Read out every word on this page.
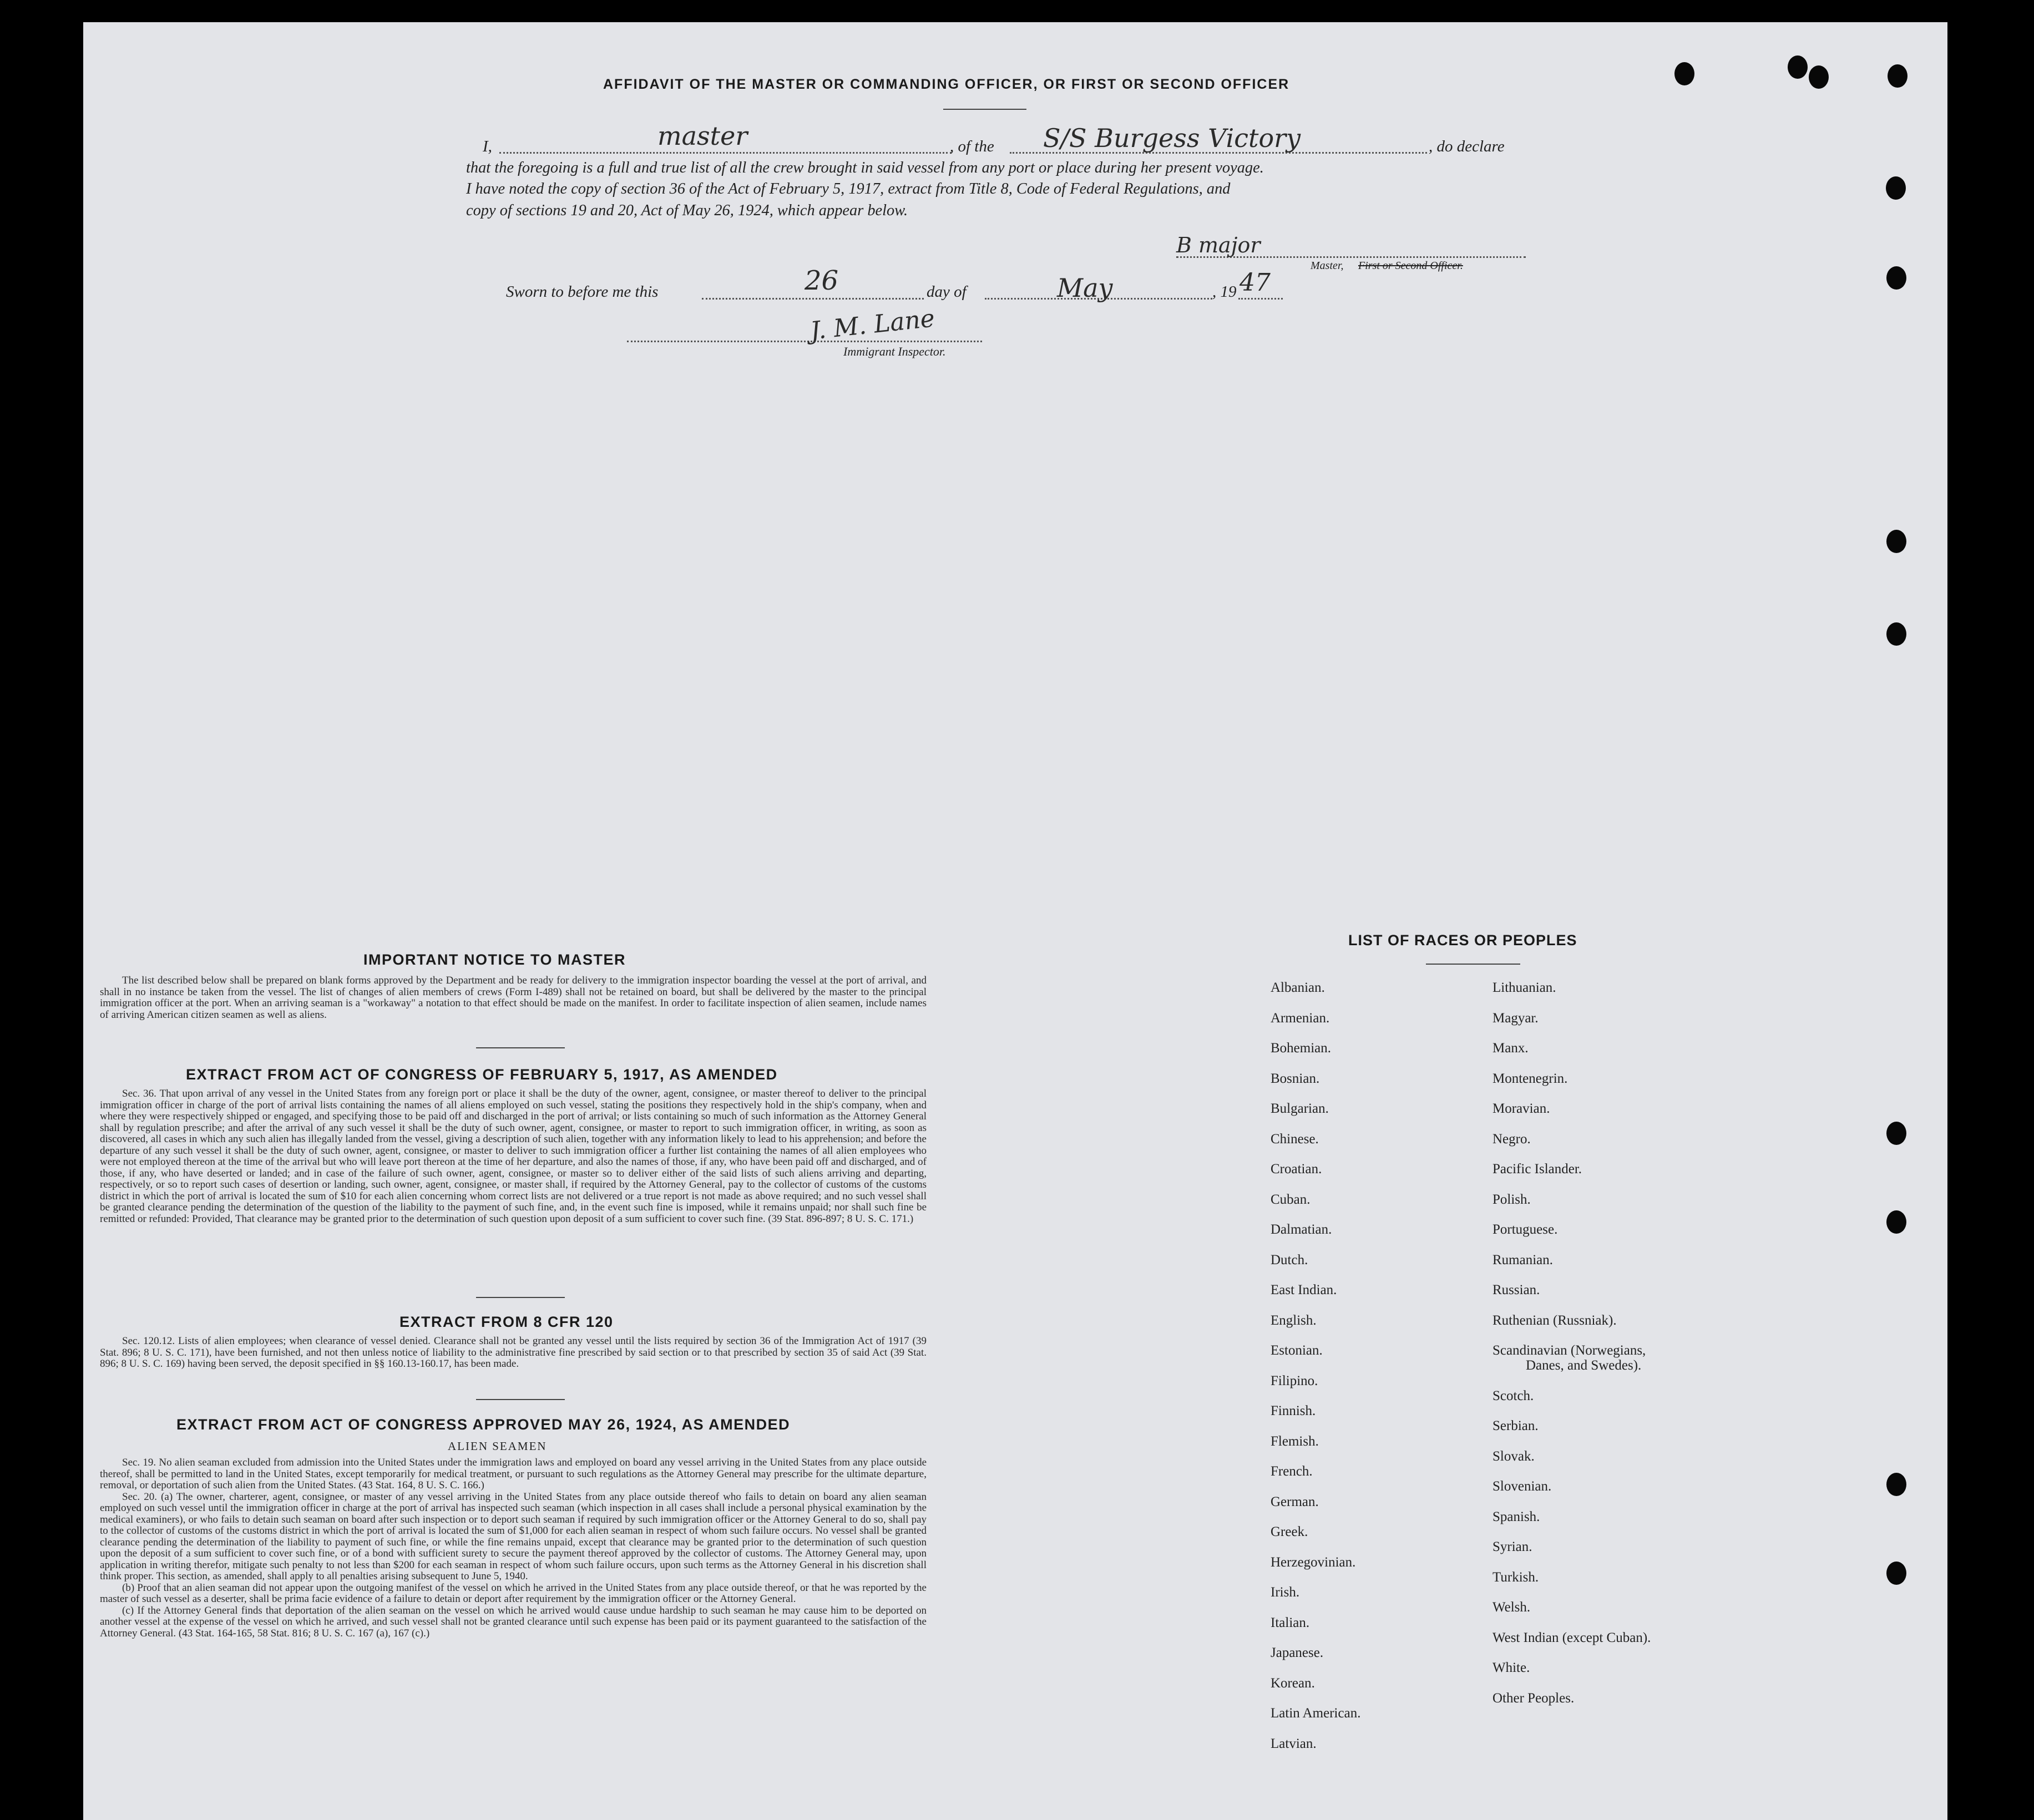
AFFIDAVIT OF THE MASTER OR COMMANDING OFFICER, OR FIRST OR SECOND OFFICER
I,	master	, of the S/S Burgess Victory	, do declare
that the foregoing is a full and true list of all the crew brought in said vessel from any port or place during her present voyage.
I have noted the copy of section 36 of the Act of February 5, 1917, extract from Title 8, Code of Federal Regulations, and
copy of sections 19 and 20, Act of May 26, 1924, which appear below.
B major
Master, First or Second Officer.
Sworn to before me this	26	day of	May	, 19 47
J. M. Lane
Immigrant Inspector.
IMPORTANT NOTICE TO MASTER
The list described below shall be prepared on blank forms approved by the Department and be ready for delivery to the immigration inspector boarding the vessel at the port of arrival, and shall in no instance be taken from the vessel. The list of changes of alien members of crews (Form I-489) shall not be retained on board, but shall be delivered by the master to the principal immigration officer at the port. When an arriving seaman is a "workaway" a notation to that effect should be made on the manifest. In order to facilitate inspection of alien seamen, include names of arriving American citizen seamen as well as aliens.
EXTRACT FROM ACT OF CONGRESS OF FEBRUARY 5, 1917, AS AMENDED
Sec. 36. That upon arrival of any vessel in the United States from any foreign port or place it shall be the duty of the owner, agent, consignee, or master thereof to deliver to the principal immigration officer in charge of the port of arrival lists containing the names of all aliens employed on such vessel, stating the positions they respectively hold in the ship's company, when and where they were respectively shipped or engaged, and specifying those to be paid off and discharged in the port of arrival; or lists containing so much of such information as the Attorney General shall by regulation prescribe; and after the arrival of any such vessel it shall be the duty of such owner, agent, consignee, or master to report to such immigration officer, in writing, as soon as discovered, all cases in which any such alien has illegally landed from the vessel, giving a description of such alien, together with any information likely to lead to his apprehension; and before the departure of any such vessel it shall be the duty of such owner, agent, consignee, or master to deliver to such immigration officer a further list containing the names of all alien employees who were not employed thereon at the time of the arrival but who will leave port thereon at the time of her departure, and also the names of those, if any, who have been paid off and discharged, and of those, if any, who have deserted or landed; and in case of the failure of such owner, agent, consignee, or master so to deliver either of the said lists of such aliens arriving and departing, respectively, or so to report such cases of desertion or landing, such owner, agent, consignee, or master shall, if required by the Attorney General, pay to the collector of customs of the customs district in which the port of arrival is located the sum of $10 for each alien concerning whom correct lists are not delivered or a true report is not made as above required; and no such vessel shall be granted clearance pending the determination of the question of the liability to the payment of such fine, and, in the event such fine is imposed, while it remains unpaid; nor shall such fine be remitted or refunded: Provided, That clearance may be granted prior to the determination of such question upon deposit of a sum sufficient to cover such fine. (39 Stat. 896-897; 8 U. S. C. 171.)
EXTRACT FROM 8 CFR 120
Sec. 120.12. Lists of alien employees; when clearance of vessel denied. Clearance shall not be granted any vessel until the lists required by section 36 of the Immigration Act of 1917 (39 Stat. 896; 8 U. S. C. 171), have been furnished, and not then unless notice of liability to the administrative fine prescribed by said section or to that prescribed by section 35 of said Act (39 Stat. 896; 8 U. S. C. 169) having been served, the deposit specified in §§ 160.13-160.17, has been made.
EXTRACT FROM ACT OF CONGRESS APPROVED MAY 26, 1924, AS AMENDED
ALIEN SEAMEN
Sec. 19. No alien seaman excluded from admission into the United States under the immigration laws and employed on board any vessel arriving in the United States from any place outside thereof, shall be permitted to land in the United States, except temporarily for medical treatment, or pursuant to such regulations as the Attorney General may prescribe for the ultimate departure, removal, or deportation of such alien from the United States. (43 Stat. 164, 8 U. S. C. 166.)
Sec. 20. (a) The owner, charterer, agent, consignee, or master of any vessel arriving in the United States from any place outside thereof who fails to detain on board any alien seaman employed on such vessel until the immigration officer in charge at the port of arrival has inspected such seaman (which inspection in all cases shall include a personal physical examination by the medical examiners), or who fails to detain such seaman on board after such inspection or to deport such seaman if required by such immigration officer or the Attorney General to do so, shall pay to the collector of customs of the customs district in which the port of arrival is located the sum of $1,000 for each alien seaman in respect of whom such failure occurs. No vessel shall be granted clearance pending the determination of the liability to payment of such fine, or while the fine remains unpaid, except that clearance may be granted prior to the determination of such question upon the deposit of a sum sufficient to cover such fine, or of a bond with sufficient surety to secure the payment thereof approved by the collector of customs. The Attorney General may, upon application in writing therefor, mitigate such penalty to not less than $200 for each seaman in respect of whom such failure occurs, upon such terms as the Attorney General in his discretion shall think proper. This section, as amended, shall apply to all penalties arising subsequent to June 5, 1940.
(b) Proof that an alien seaman did not appear upon the outgoing manifest of the vessel on which he arrived in the United States from any place outside thereof, or that he was reported by the master of such vessel as a deserter, shall be prima facie evidence of a failure to detain or deport after requirement by the immigration officer or the Attorney General.
(c) If the Attorney General finds that deportation of the alien seaman on the vessel on which he arrived would cause undue hardship to such seaman he may cause him to be deported on another vessel at the expense of the vessel on which he arrived, and such vessel shall not be granted clearance until such expense has been paid or its payment guaranteed to the satisfaction of the Attorney General. (43 Stat. 164-165, 58 Stat. 816; 8 U. S. C. 167 (a), 167 (c).)
LIST OF RACES OR PEOPLES
Albanian.
Armenian.
Bohemian.
Bosnian.
Bulgarian.
Chinese.
Croatian.
Cuban.
Dalmatian.
Dutch.
East Indian.
English.
Estonian.
Filipino.
Finnish.
Flemish.
French.
German.
Greek.
Herzegovinian.
Irish.
Italian.
Japanese.
Korean.
Latin American.
Latvian.
Lithuanian.
Magyar.
Manx.
Montenegrin.
Moravian.
Negro.
Pacific Islander.
Polish.
Portuguese.
Rumanian.
Russian.
Ruthenian (Russniak).
Scandinavian (Norwegians,
Danes, and Swedes).
Scotch.
Serbian.
Slovak.
Slovenian.
Spanish.
Syrian.
Turkish.
Welsh.
West Indian (except Cuban).
White.
Other Peoples.
